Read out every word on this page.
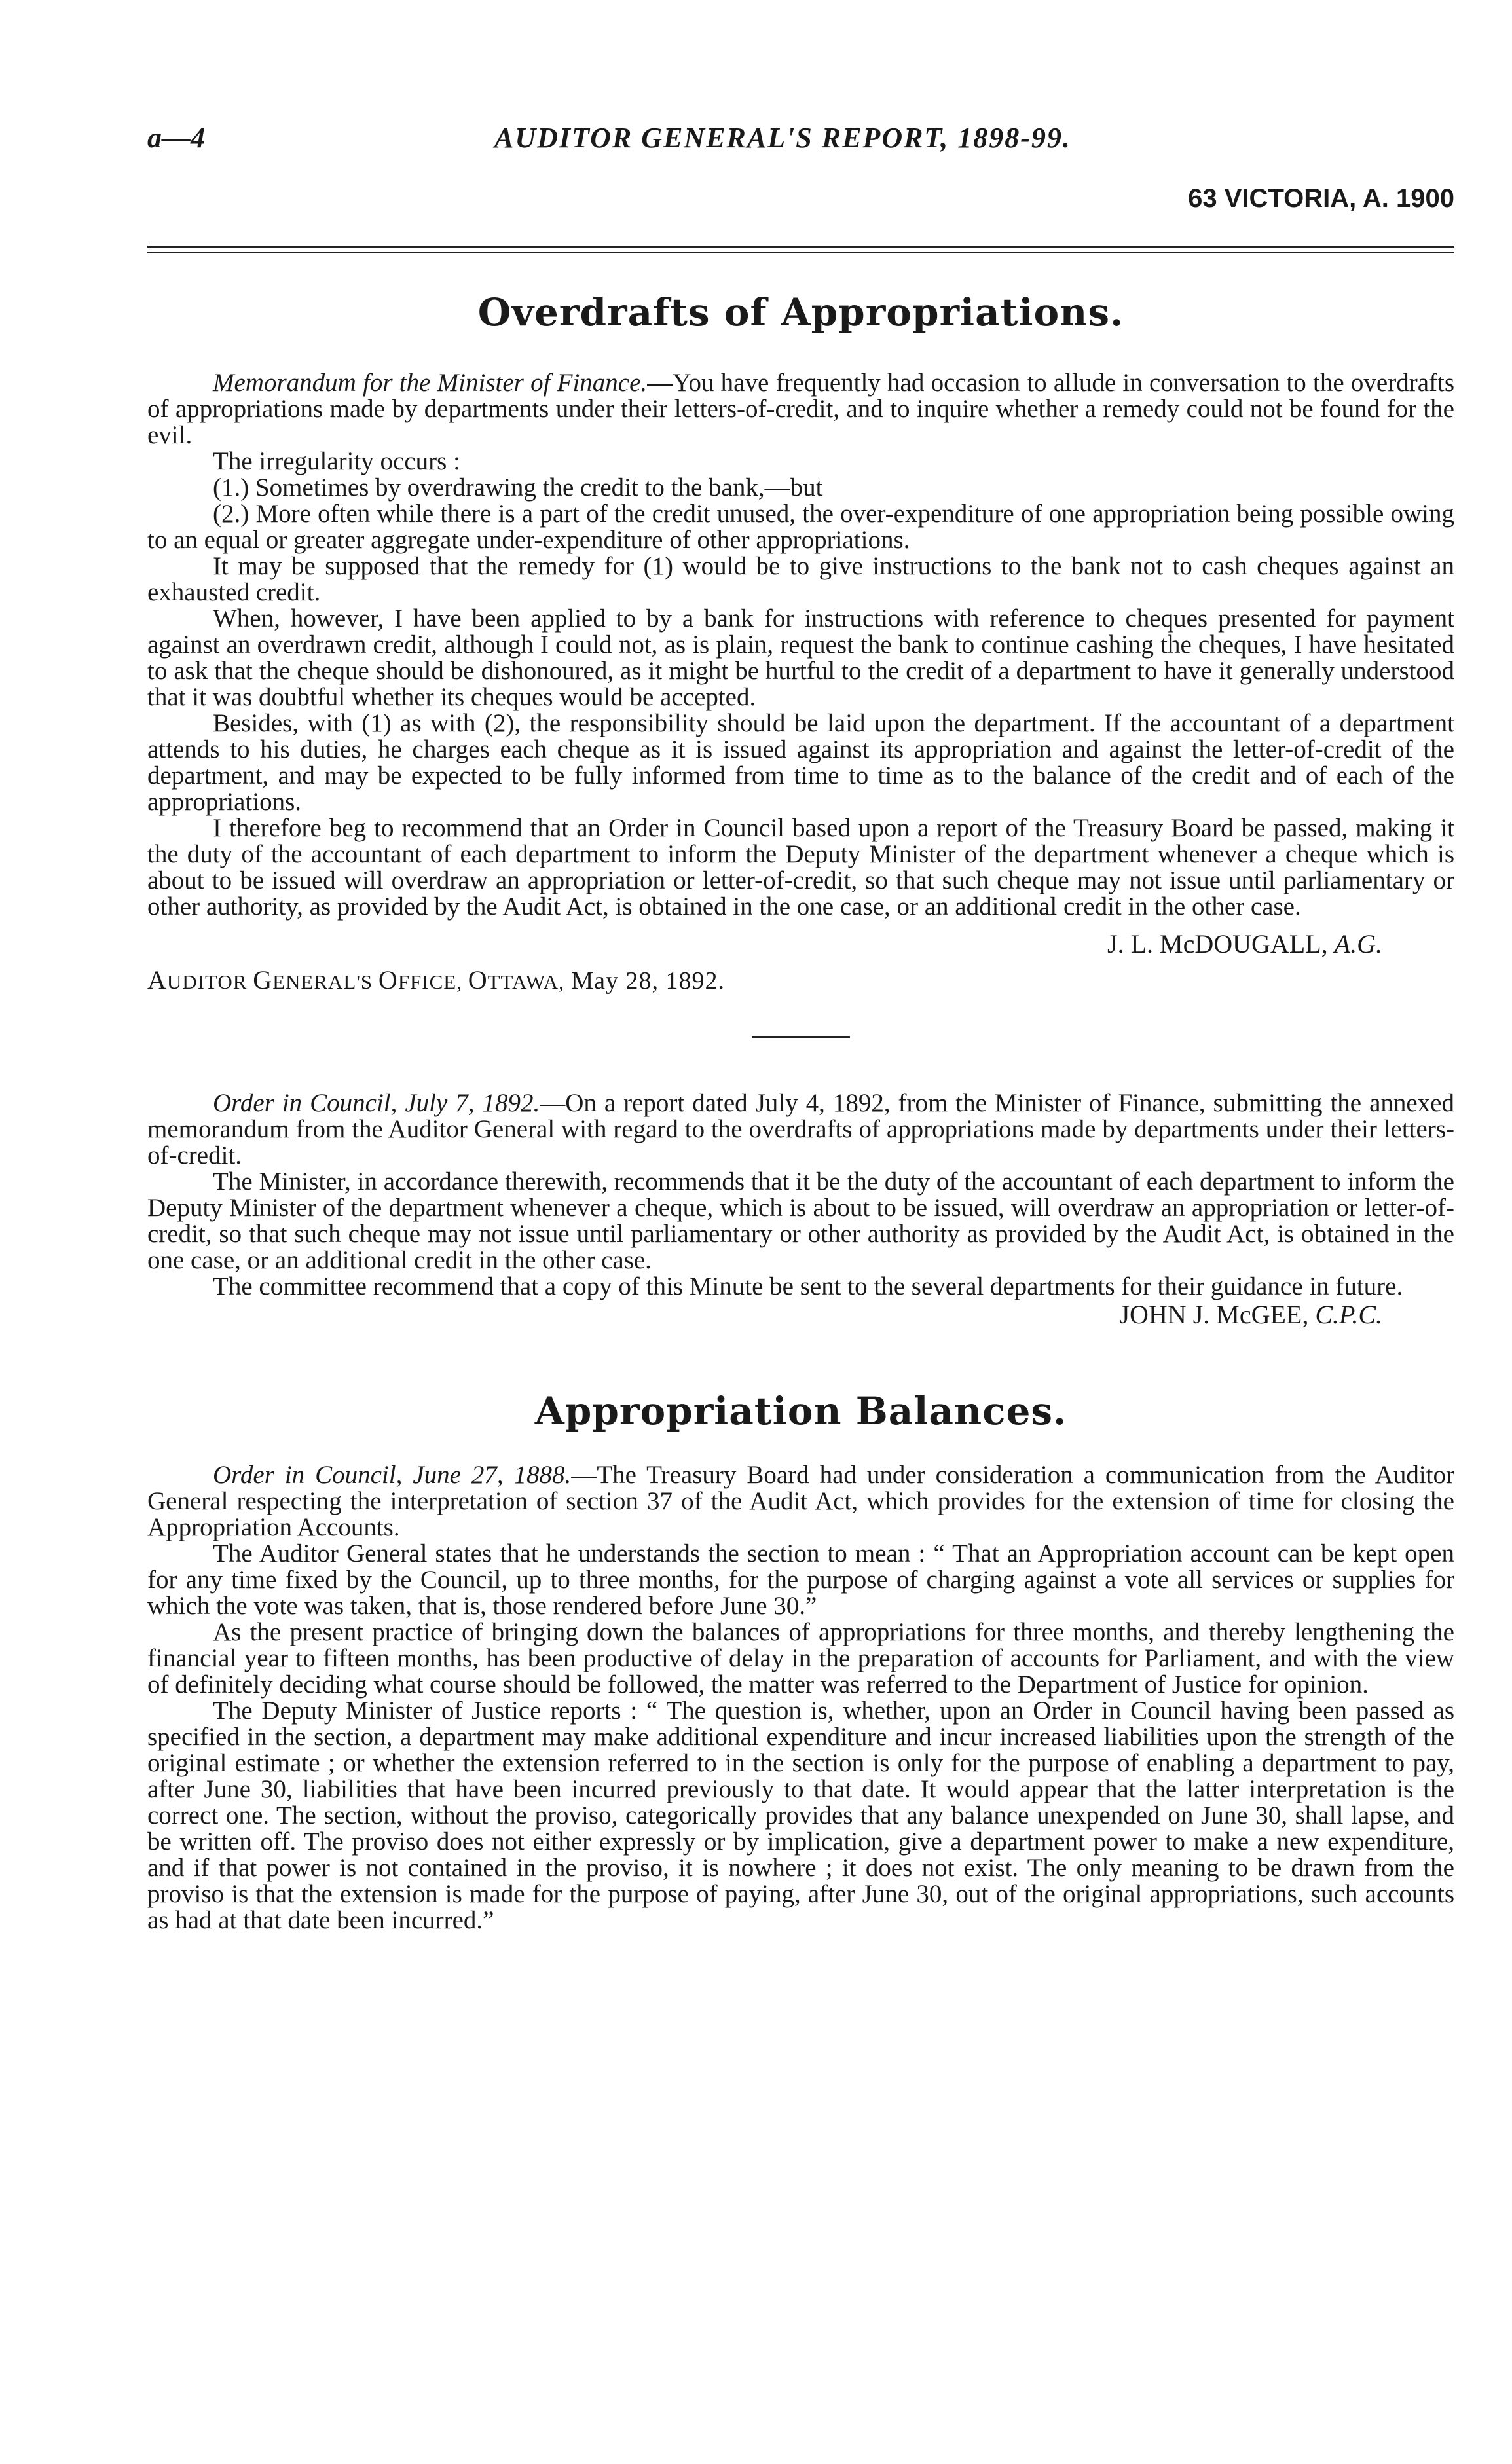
a—4	AUDITOR GENERAL'S REPORT, 1898-99.
63 VICTORIA, A. 1900
Overdrafts of Appropriations.

Memorandum for the Minister of Finance.—You have frequently had occasion to allude in conversation to the overdrafts of appropriations made by departments under their letters-of-credit, and to inquire whether a remedy could not be found for the evil.

The irregularity occurs :

(1.) Sometimes by overdrawing the credit to the bank,—but

(2.) More often while there is a part of the credit unused, the over-expenditure of one appropriation being possible owing to an equal or greater aggregate under-expenditure of other appropriations.

It may be supposed that the remedy for (1) would be to give instructions to the bank not to cash cheques against an exhausted credit.

When, however, I have been applied to by a bank for instructions with reference to cheques presented for payment against an overdrawn credit, although I could not, as is plain, request the bank to continue cashing the cheques, I have hesitated to ask that the cheque should be dishonoured, as it might be hurtful to the credit of a department to have it generally understood that it was doubtful whether its cheques would be accepted.

Besides, with (1) as with (2), the responsibility should be laid upon the department. If the accountant of a department attends to his duties, he charges each cheque as it is issued against its appropriation and against the letter-of-credit of the department, and may be expected to be fully informed from time to time as to the balance of the credit and of each of the appropriations.

I therefore beg to recommend that an Order in Council based upon a report of the Treasury Board be passed, making it the duty of the accountant of each department to inform the Deputy Minister of the department whenever a cheque which is about to be issued will overdraw an appropriation or letter-of-credit, so that such cheque may not issue until parliamentary or other authority, as provided by the Audit Act, is obtained in the one case, or an additional credit in the other case.

J. L. McDOUGALL, A.G.
AUDITOR GENERAL'S OFFICE, OTTAWA, May 28, 1892.

Order in Council, July 7, 1892.—On a report dated July 4, 1892, from the Minister of Finance, submitting the annexed memorandum from the Auditor General with regard to the overdrafts of appropriations made by departments under their letters-of-credit.

The Minister, in accordance therewith, recommends that it be the duty of the accountant of each department to inform the Deputy Minister of the department whenever a cheque, which is about to be issued, will overdraw an appropriation or letter-of-credit, so that such cheque may not issue until parliamentary or other authority as provided by the Audit Act, is obtained in the one case, or an additional credit in the other case.

The committee recommend that a copy of this Minute be sent to the several departments for their guidance in future.

JOHN J. McGEE, C.P.C.
Appropriation Balances.

Order in Council, June 27, 1888.—The Treasury Board had under consideration a communication from the Auditor General respecting the interpretation of section 37 of the Audit Act, which provides for the extension of time for closing the Appropriation Accounts.

The Auditor General states that he understands the section to mean : “ That an Appropriation account can be kept open for any time fixed by the Council, up to three months, for the purpose of charging against a vote all services or supplies for which the vote was taken, that is, those rendered before June 30.”

As the present practice of bringing down the balances of appropriations for three months, and thereby lengthening the financial year to fifteen months, has been productive of delay in the preparation of accounts for Parliament, and with the view of definitely deciding what course should be followed, the matter was referred to the Department of Justice for opinion.

The Deputy Minister of Justice reports : “ The question is, whether, upon an Order in Council having been passed as specified in the section, a department may make additional expenditure and incur increased liabilities upon the strength of the original estimate ; or whether the extension referred to in the section is only for the purpose of enabling a department to pay, after June 30, liabilities that have been incurred previously to that date. It would appear that the latter interpretation is the correct one. The section, without the proviso, categorically provides that any balance unexpended on June 30, shall lapse, and be written off. The proviso does not either expressly or by implication, give a department power to make a new expenditure, and if that power is not contained in the proviso, it is nowhere ; it does not exist. The only meaning to be drawn from the proviso is that the extension is made for the purpose of paying, after June 30, out of the original appropriations, such accounts as had at that date been incurred.”
